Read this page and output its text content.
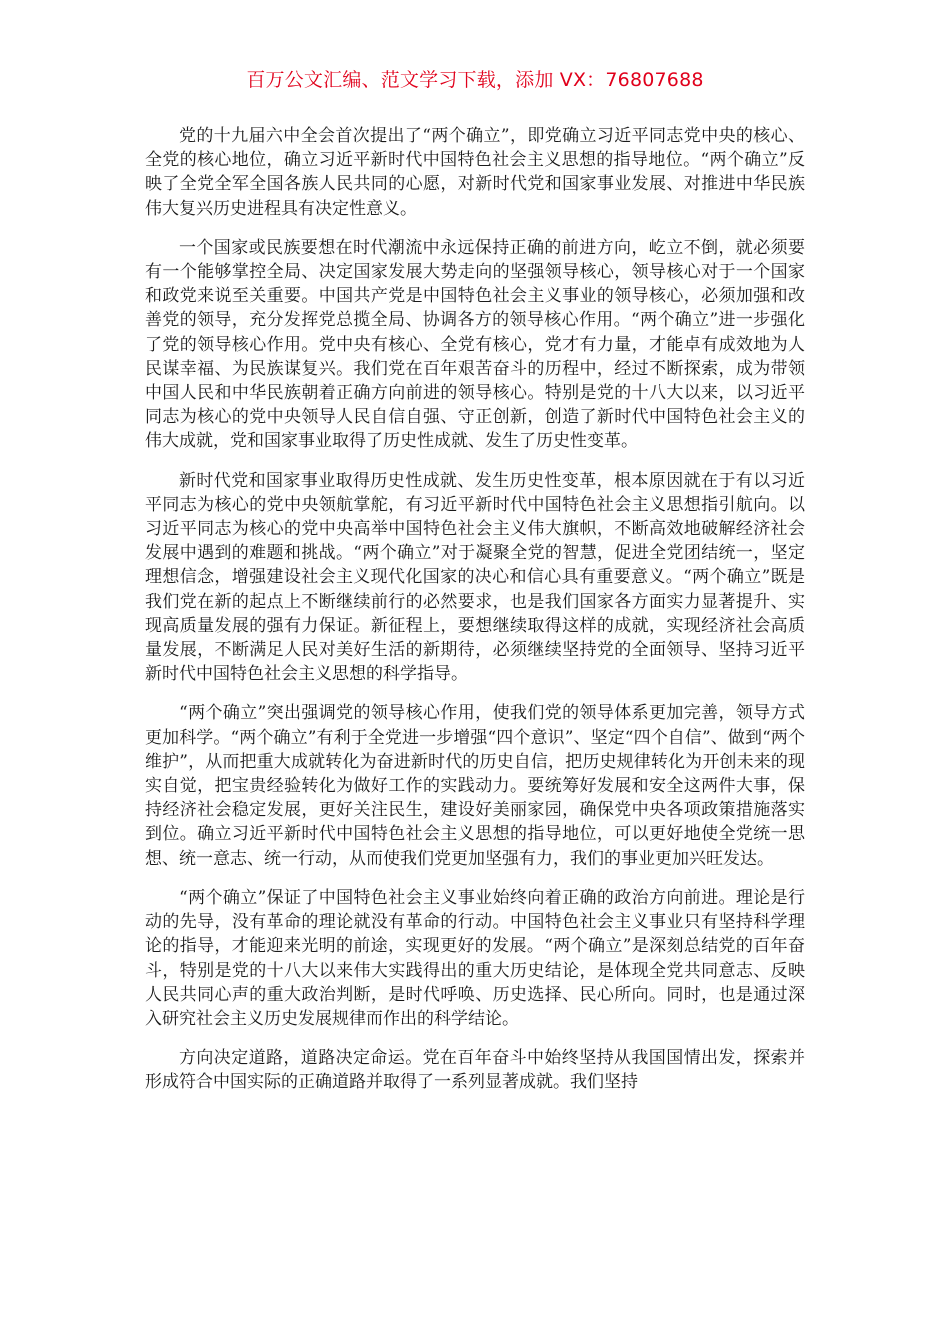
百万公文汇编、范文学习下载，添加 VX：76807688

党的十九届六中全会首次提出了“两个确立”，即党确立习近平同志党中央的核心、全党的核心地位，确立习近平新时代中国特色社会主义思想的指导地位。“两个确立”反映了全党全军全国各族人民共同的心愿，对新时代党和国家事业发展、对推进中华民族伟大复兴历史进程具有决定性意义。

一个国家或民族要想在时代潮流中永远保持正确的前进方向，屹立不倒，就必须要有一个能够掌控全局、决定国家发展大势走向的坚强领导核心，领导核心对于一个国家和政党来说至关重要。中国共产党是中国特色社会主义事业的领导核心，必须加强和改善党的领导，充分发挥党总揽全局、协调各方的领导核心作用。“两个确立”进一步强化了党的领导核心作用。党中央有核心、全党有核心，党才有力量，才能卓有成效地为人民谋幸福、为民族谋复兴。我们党在百年艰苦奋斗的历程中，经过不断探索，成为带领中国人民和中华民族朝着正确方向前进的领导核心。特别是党的十八大以来，以习近平同志为核心的党中央领导人民自信自强、守正创新，创造了新时代中国特色社会主义的伟大成就，党和国家事业取得了历史性成就、发生了历史性变革。

新时代党和国家事业取得历史性成就、发生历史性变革，根本原因就在于有以习近平同志为核心的党中央领航掌舵，有习近平新时代中国特色社会主义思想指引航向。以习近平同志为核心的党中央高举中国特色社会主义伟大旗帜，不断高效地破解经济社会发展中遇到的难题和挑战。“两个确立”对于凝聚全党的智慧，促进全党团结统一，坚定理想信念，增强建设社会主义现代化国家的决心和信心具有重要意义。“两个确立”既是我们党在新的起点上不断继续前行的必然要求，也是我们国家各方面实力显著提升、实现高质量发展的强有力保证。新征程上，要想继续取得这样的成就，实现经济社会高质量发展，不断满足人民对美好生活的新期待，必须继续坚持党的全面领导、坚持习近平新时代中国特色社会主义思想的科学指导。

“两个确立”突出强调党的领导核心作用，使我们党的领导体系更加完善，领导方式更加科学。“两个确立”有利于全党进一步增强“四个意识”、坚定“四个自信”、做到“两个维护”，从而把重大成就转化为奋进新时代的历史自信，把历史规律转化为开创未来的现实自觉，把宝贵经验转化为做好工作的实践动力。要统筹好发展和安全这两件大事，保持经济社会稳定发展，更好关注民生，建设好美丽家园，确保党中央各项政策措施落实到位。确立习近平新时代中国特色社会主义思想的指导地位，可以更好地使全党统一思想、统一意志、统一行动，从而使我们党更加坚强有力，我们的事业更加兴旺发达。

“两个确立”保证了中国特色社会主义事业始终向着正确的政治方向前进。理论是行动的先导，没有革命的理论就没有革命的行动。中国特色社会主义事业只有坚持科学理论的指导，才能迎来光明的前途，实现更好的发展。“两个确立”是深刻总结党的百年奋斗，特别是党的十八大以来伟大实践得出的重大历史结论，是体现全党共同意志、反映人民共同心声的重大政治判断，是时代呼唤、历史选择、民心所向。同时，也是通过深入研究社会主义历史发展规律而作出的科学结论。

方向决定道路，道路决定命运。党在百年奋斗中始终坚持从我国国情出发，探索并形成符合中国实际的正确道路并取得了一系列显著成就。我们坚持
